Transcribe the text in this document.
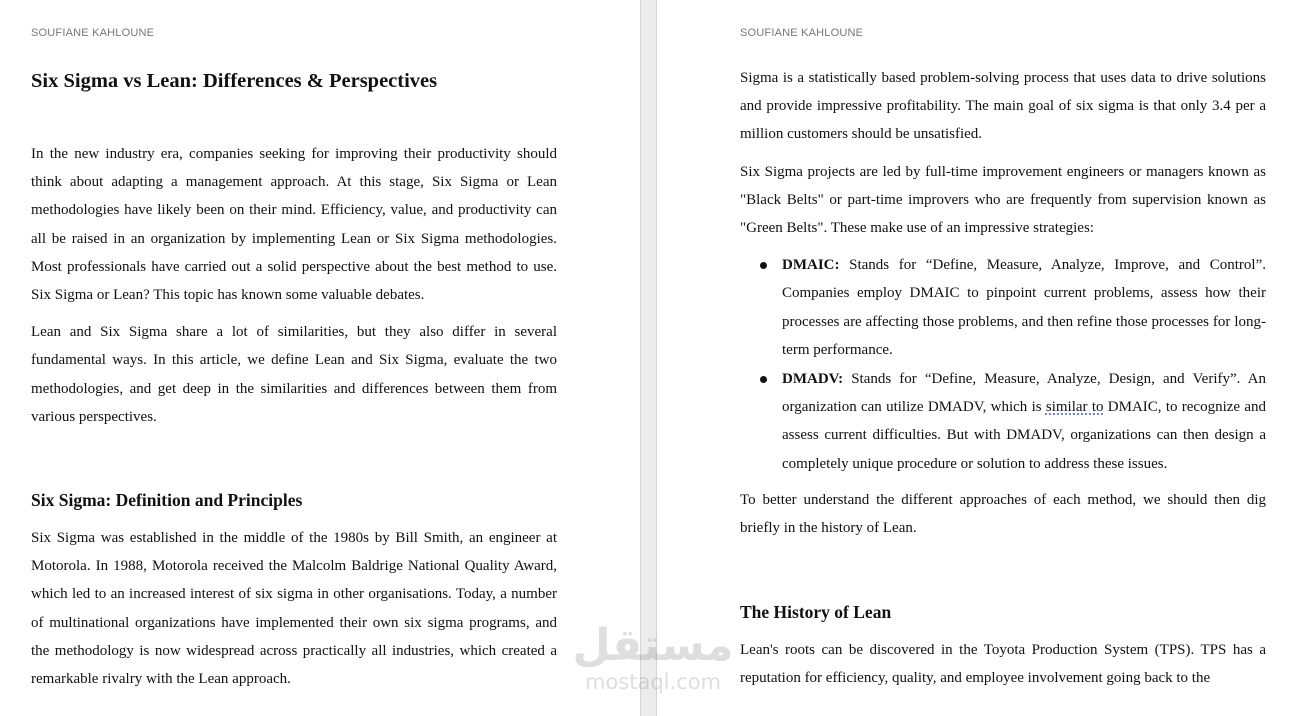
SOUFIANE KAHLOUNE
Six Sigma vs Lean: Differences & Perspectives

In the new industry era, companies seeking for improving their productivity should think about adapting a management approach. At this stage, Six Sigma or Lean methodologies have likely been on their mind. Efficiency, value, and productivity can all be raised in an organization by implementing Lean or Six Sigma methodologies. Most professionals have carried out a solid perspective about the best method to use. Six Sigma or Lean? This topic has known some valuable debates.

Lean and Six Sigma share a lot of similarities, but they also differ in several fundamental ways. In this article, we define Lean and Six Sigma, evaluate the two methodologies, and get deep in the similarities and differences between them from various perspectives.

Six Sigma: Definition and Principles

Six Sigma was established in the middle of the 1980s by Bill Smith, an engineer at Motorola. In 1988, Motorola received the Malcolm Baldrige National Quality Award, which led to an increased interest of six sigma in other organisations. Today, a number of multinational organizations have implemented their own six sigma programs, and the methodology is now widespread across practically all industries, which created a remarkable rivalry with the Lean approach.

SOUFIANE KAHLOUNE

Sigma is a statistically based problem-solving process that uses data to drive solutions and provide impressive profitability. The main goal of six sigma is that only 3.4 per a million customers should be unsatisfied.

Six Sigma projects are led by full-time improvement engineers or managers known as "Black Belts" or part-time improvers who are frequently from supervision known as "Green Belts". These make use of an impressive strategies:

DMAIC: Stands for “Define, Measure, Analyze, Improve, and Control”. Companies employ DMAIC to pinpoint current problems, assess how their processes are affecting those problems, and then refine those processes for long-term performance.
DMADV: Stands for “Define, Measure, Analyze, Design, and Verify”. An organization can utilize DMADV, which is similar to DMAIC, to recognize and assess current difficulties. But with DMADV, organizations can then design a completely unique procedure or solution to address these issues.

To better understand the different approaches of each method, we should then dig briefly in the history of Lean.

The History of Lean

Lean's roots can be discovered in the Toyota Production System (TPS). TPS has a reputation for efficiency, quality, and employee involvement going back to the

مستقل
mostaql.com
